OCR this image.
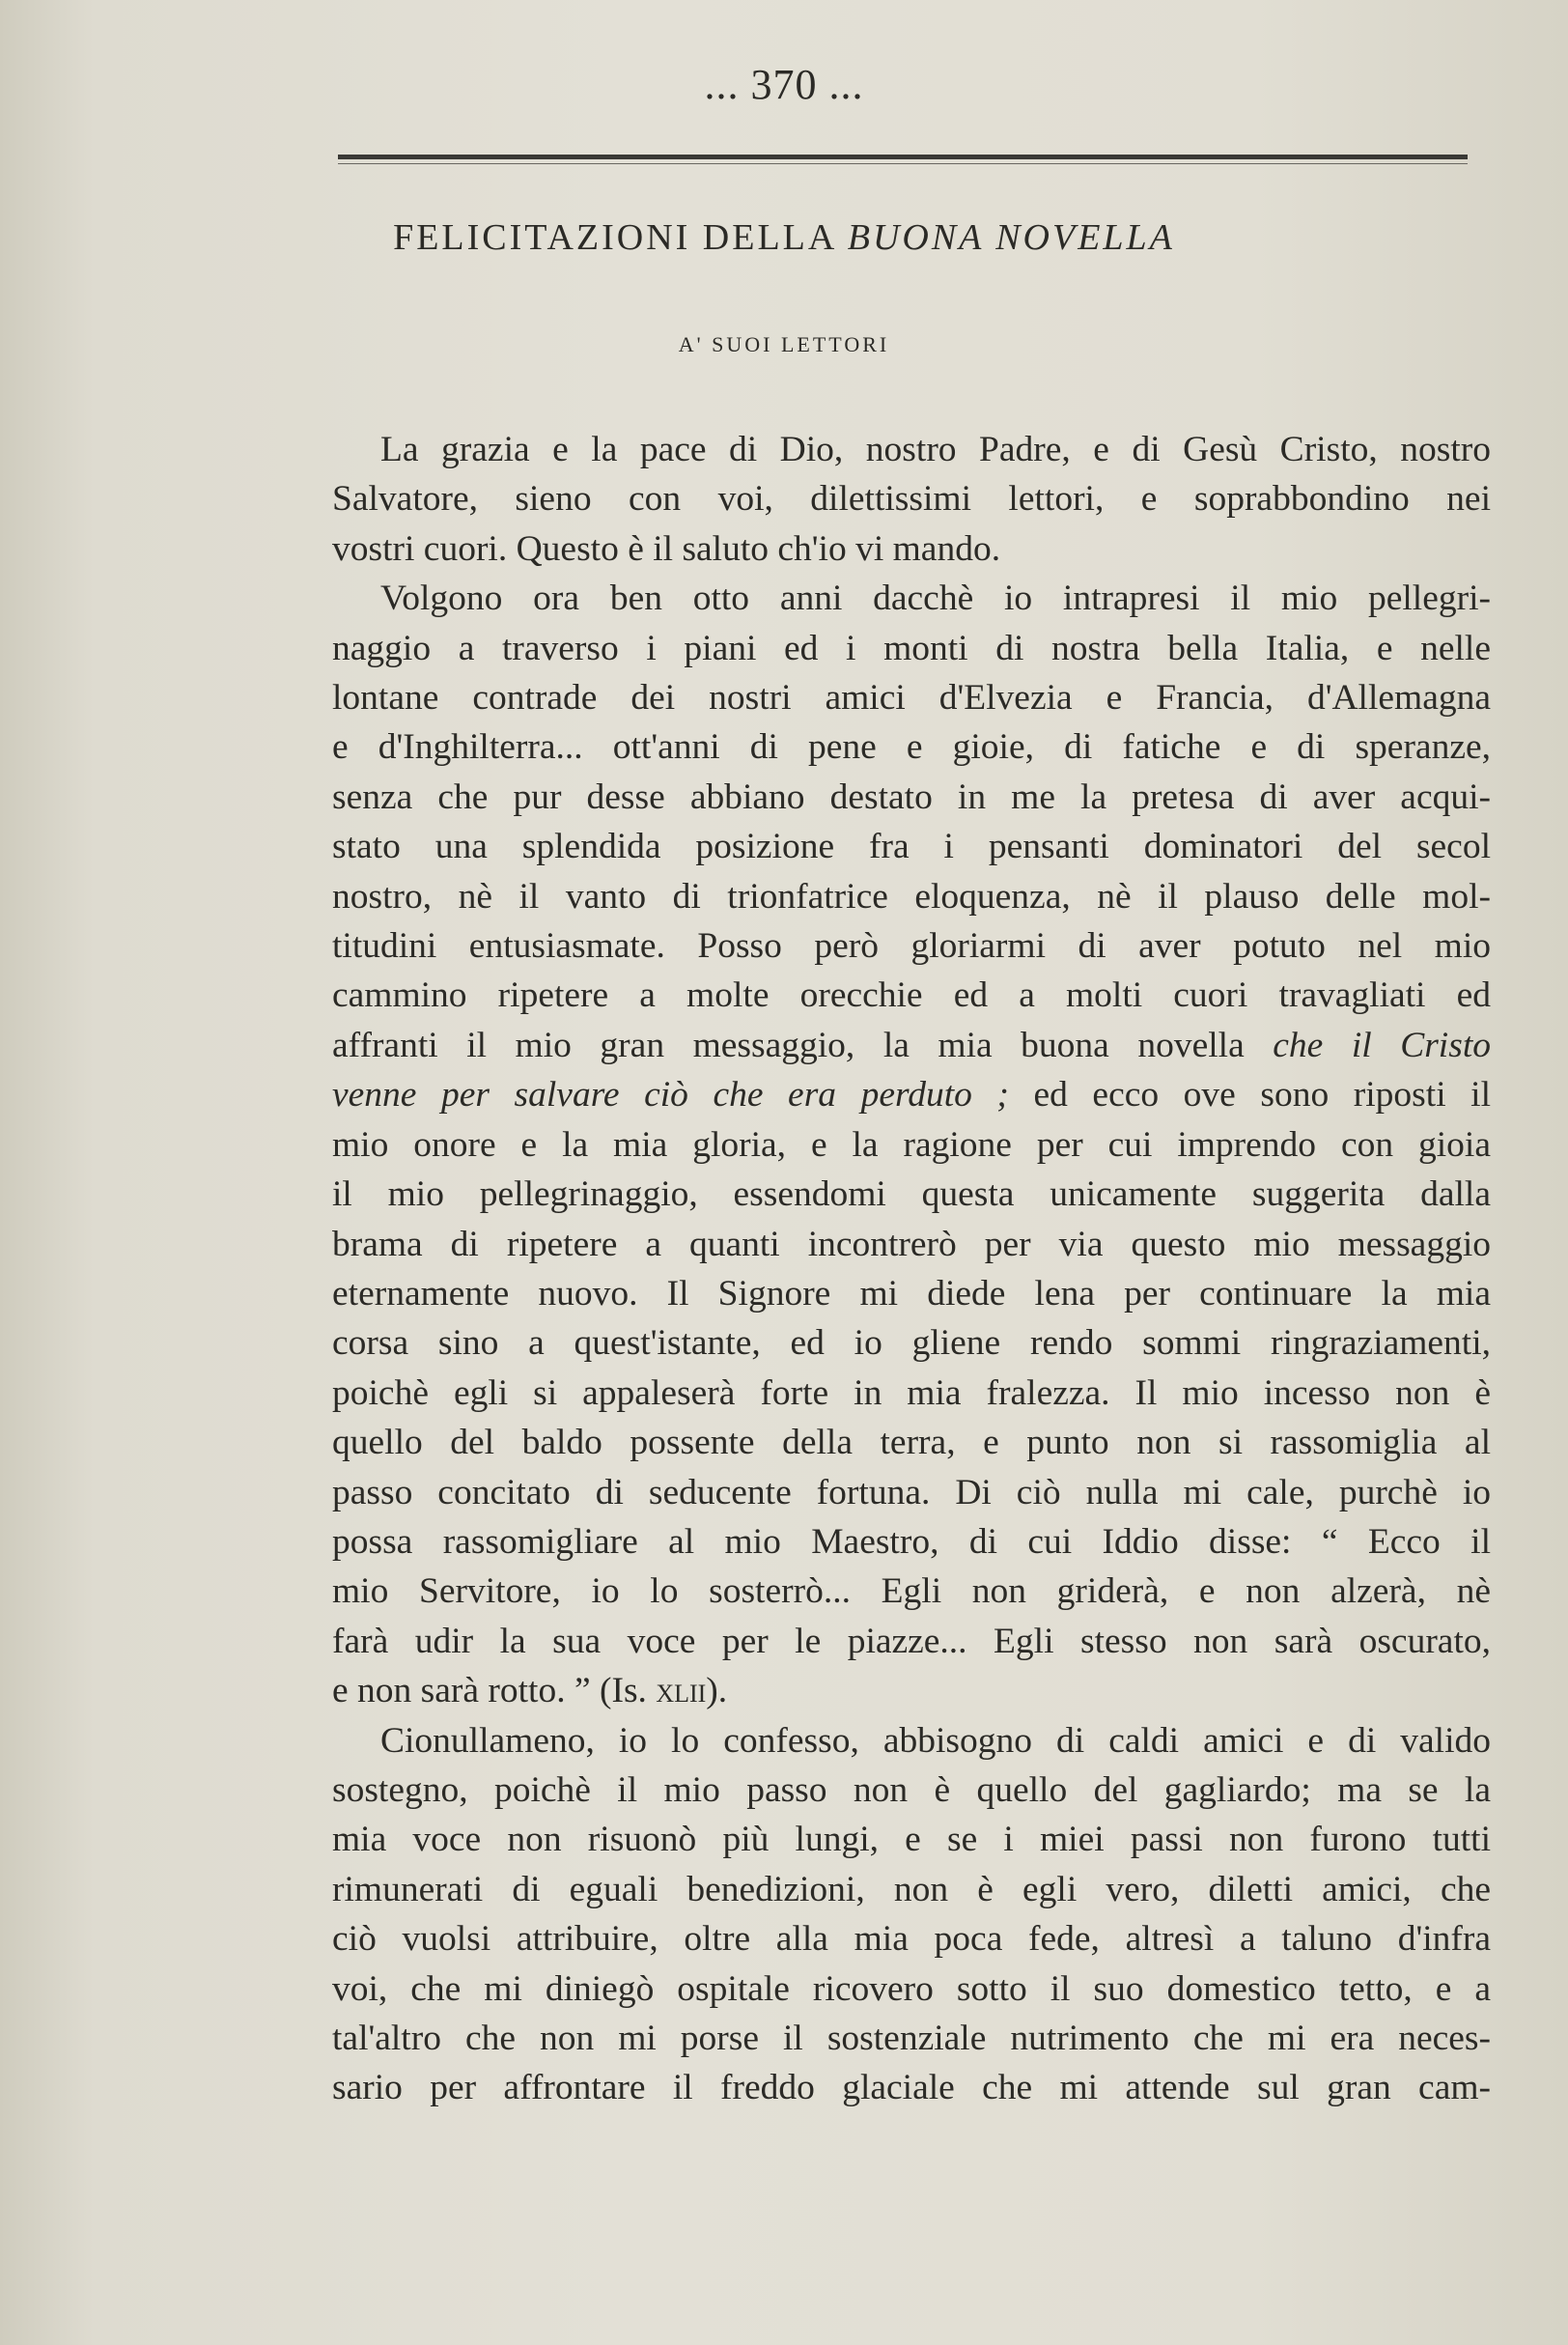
... 370 ...
FELICITAZIONI DELLA BUONA NOVELLA
A' SUOI LETTORI
La grazia e la pace di Dio, nostro Padre, e di Gesù Cristo, nostro
Salvatore, sieno con voi, dilettissimi lettori, e soprabbondino nei
vostri cuori. Questo è il saluto ch'io vi mando.
Volgono ora ben otto anni dacchè io intrapresi il mio pellegri-
naggio a traverso i piani ed i monti di nostra bella Italia, e nelle
lontane contrade dei nostri amici d'Elvezia e Francia, d'Allemagna
e d'Inghilterra... ott'anni di pene e gioie, di fatiche e di speranze,
senza che pur desse abbiano destato in me la pretesa di aver acqui-
stato una splendida posizione fra i pensanti dominatori del secol
nostro, nè il vanto di trionfatrice eloquenza, nè il plauso delle mol-
titudini entusiasmate. Posso però gloriarmi di aver potuto nel mio
cammino ripetere a molte orecchie ed a molti cuori travagliati ed
affranti il mio gran messaggio, la mia buona novella che il Cristo
venne per salvare ciò che era perduto ; ed ecco ove sono riposti il
mio onore e la mia gloria, e la ragione per cui imprendo con gioia
il mio pellegrinaggio, essendomi questa unicamente suggerita dalla
brama di ripetere a quanti incontrerò per via questo mio messaggio
eternamente nuovo. Il Signore mi diede lena per continuare la mia
corsa sino a quest'istante, ed io gliene rendo sommi ringraziamenti,
poichè egli si appaleserà forte in mia fralezza. Il mio incesso non è
quello del baldo possente della terra, e punto non si rassomiglia al
passo concitato di seducente fortuna. Di ciò nulla mi cale, purchè io
possa rassomigliare al mio Maestro, di cui Iddio disse: “ Ecco il
mio Servitore, io lo sosterrò... Egli non griderà, e non alzerà, nè
farà udir la sua voce per le piazze... Egli stesso non sarà oscurato,
e non sarà rotto. ” (Is. xlii).
Cionullameno, io lo confesso, abbisogno di caldi amici e di valido
sostegno, poichè il mio passo non è quello del gagliardo; ma se la
mia voce non risuonò più lungi, e se i miei passi non furono tutti
rimunerati di eguali benedizioni, non è egli vero, diletti amici, che
ciò vuolsi attribuire, oltre alla mia poca fede, altresì a taluno d'infra
voi, che mi diniegò ospitale ricovero sotto il suo domestico tetto, e a
tal'altro che non mi porse il sostenziale nutrimento che mi era neces-
sario per affrontare il freddo glaciale che mi attende sul gran cam-
